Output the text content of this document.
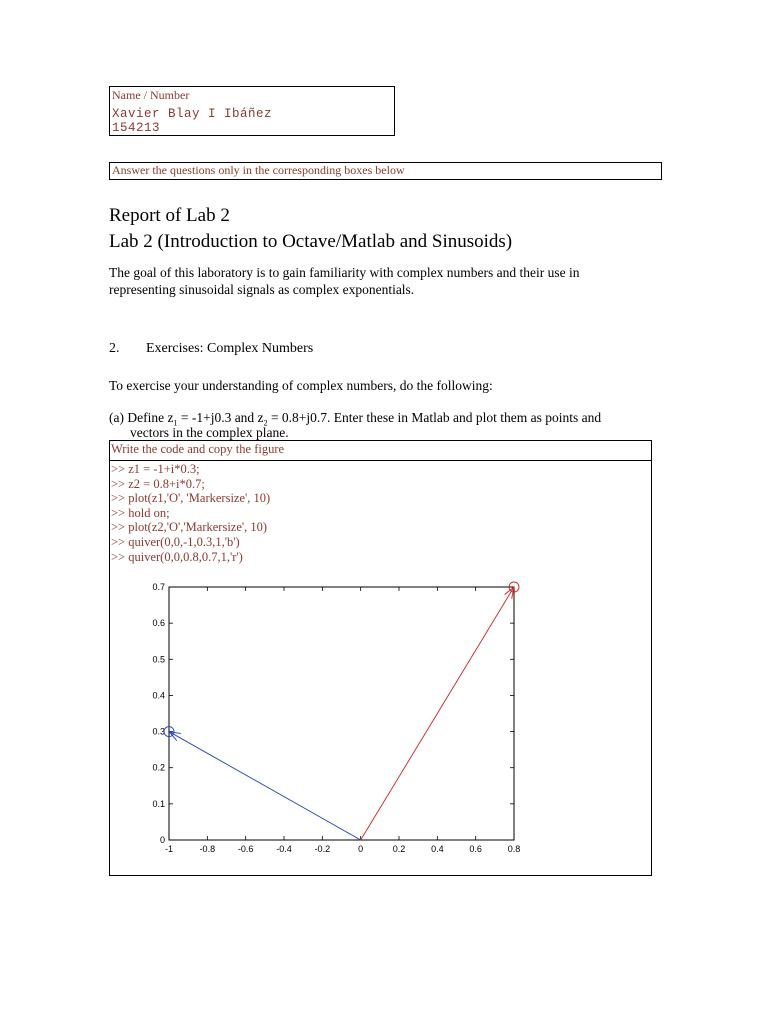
Name / Number
Xavier Blay I Ibáñez
154213
Answer the questions only in the corresponding boxes below
Report of Lab 2
Lab 2 (Introduction to Octave/Matlab and Sinusoids)
The goal of this laboratory is to gain familiarity with complex numbers and their use in representing sinusoidal signals as complex exponentials.
2. Exercises: Complex Numbers
To exercise your understanding of complex numbers, do the following:
(a) Define $z_1 = -1+j0.3$ and $z_2 = 0.8+j0.7$. Enter these in Matlab and plot them as points and
vectors in the complex plane.
Write the code and copy the figure
>> z1 = -1+i*0.3;
>> z2 = 0.8+i*0.7;
>> plot(z1,'O', 'Markersize', 10)
>> hold on;
>> plot(z2,'O','Markersize', 10)
>> quiver(0,0,-1,0.3,1,'b')
>> quiver(0,0,0.8,0.7,1,'r')
-1	-0.8	-0.6	-0.4	-0.2	0	0.2	0.4	0.6	0.8
0
0.1
0.2
0.3
0.4
0.5
0.6
0.7
